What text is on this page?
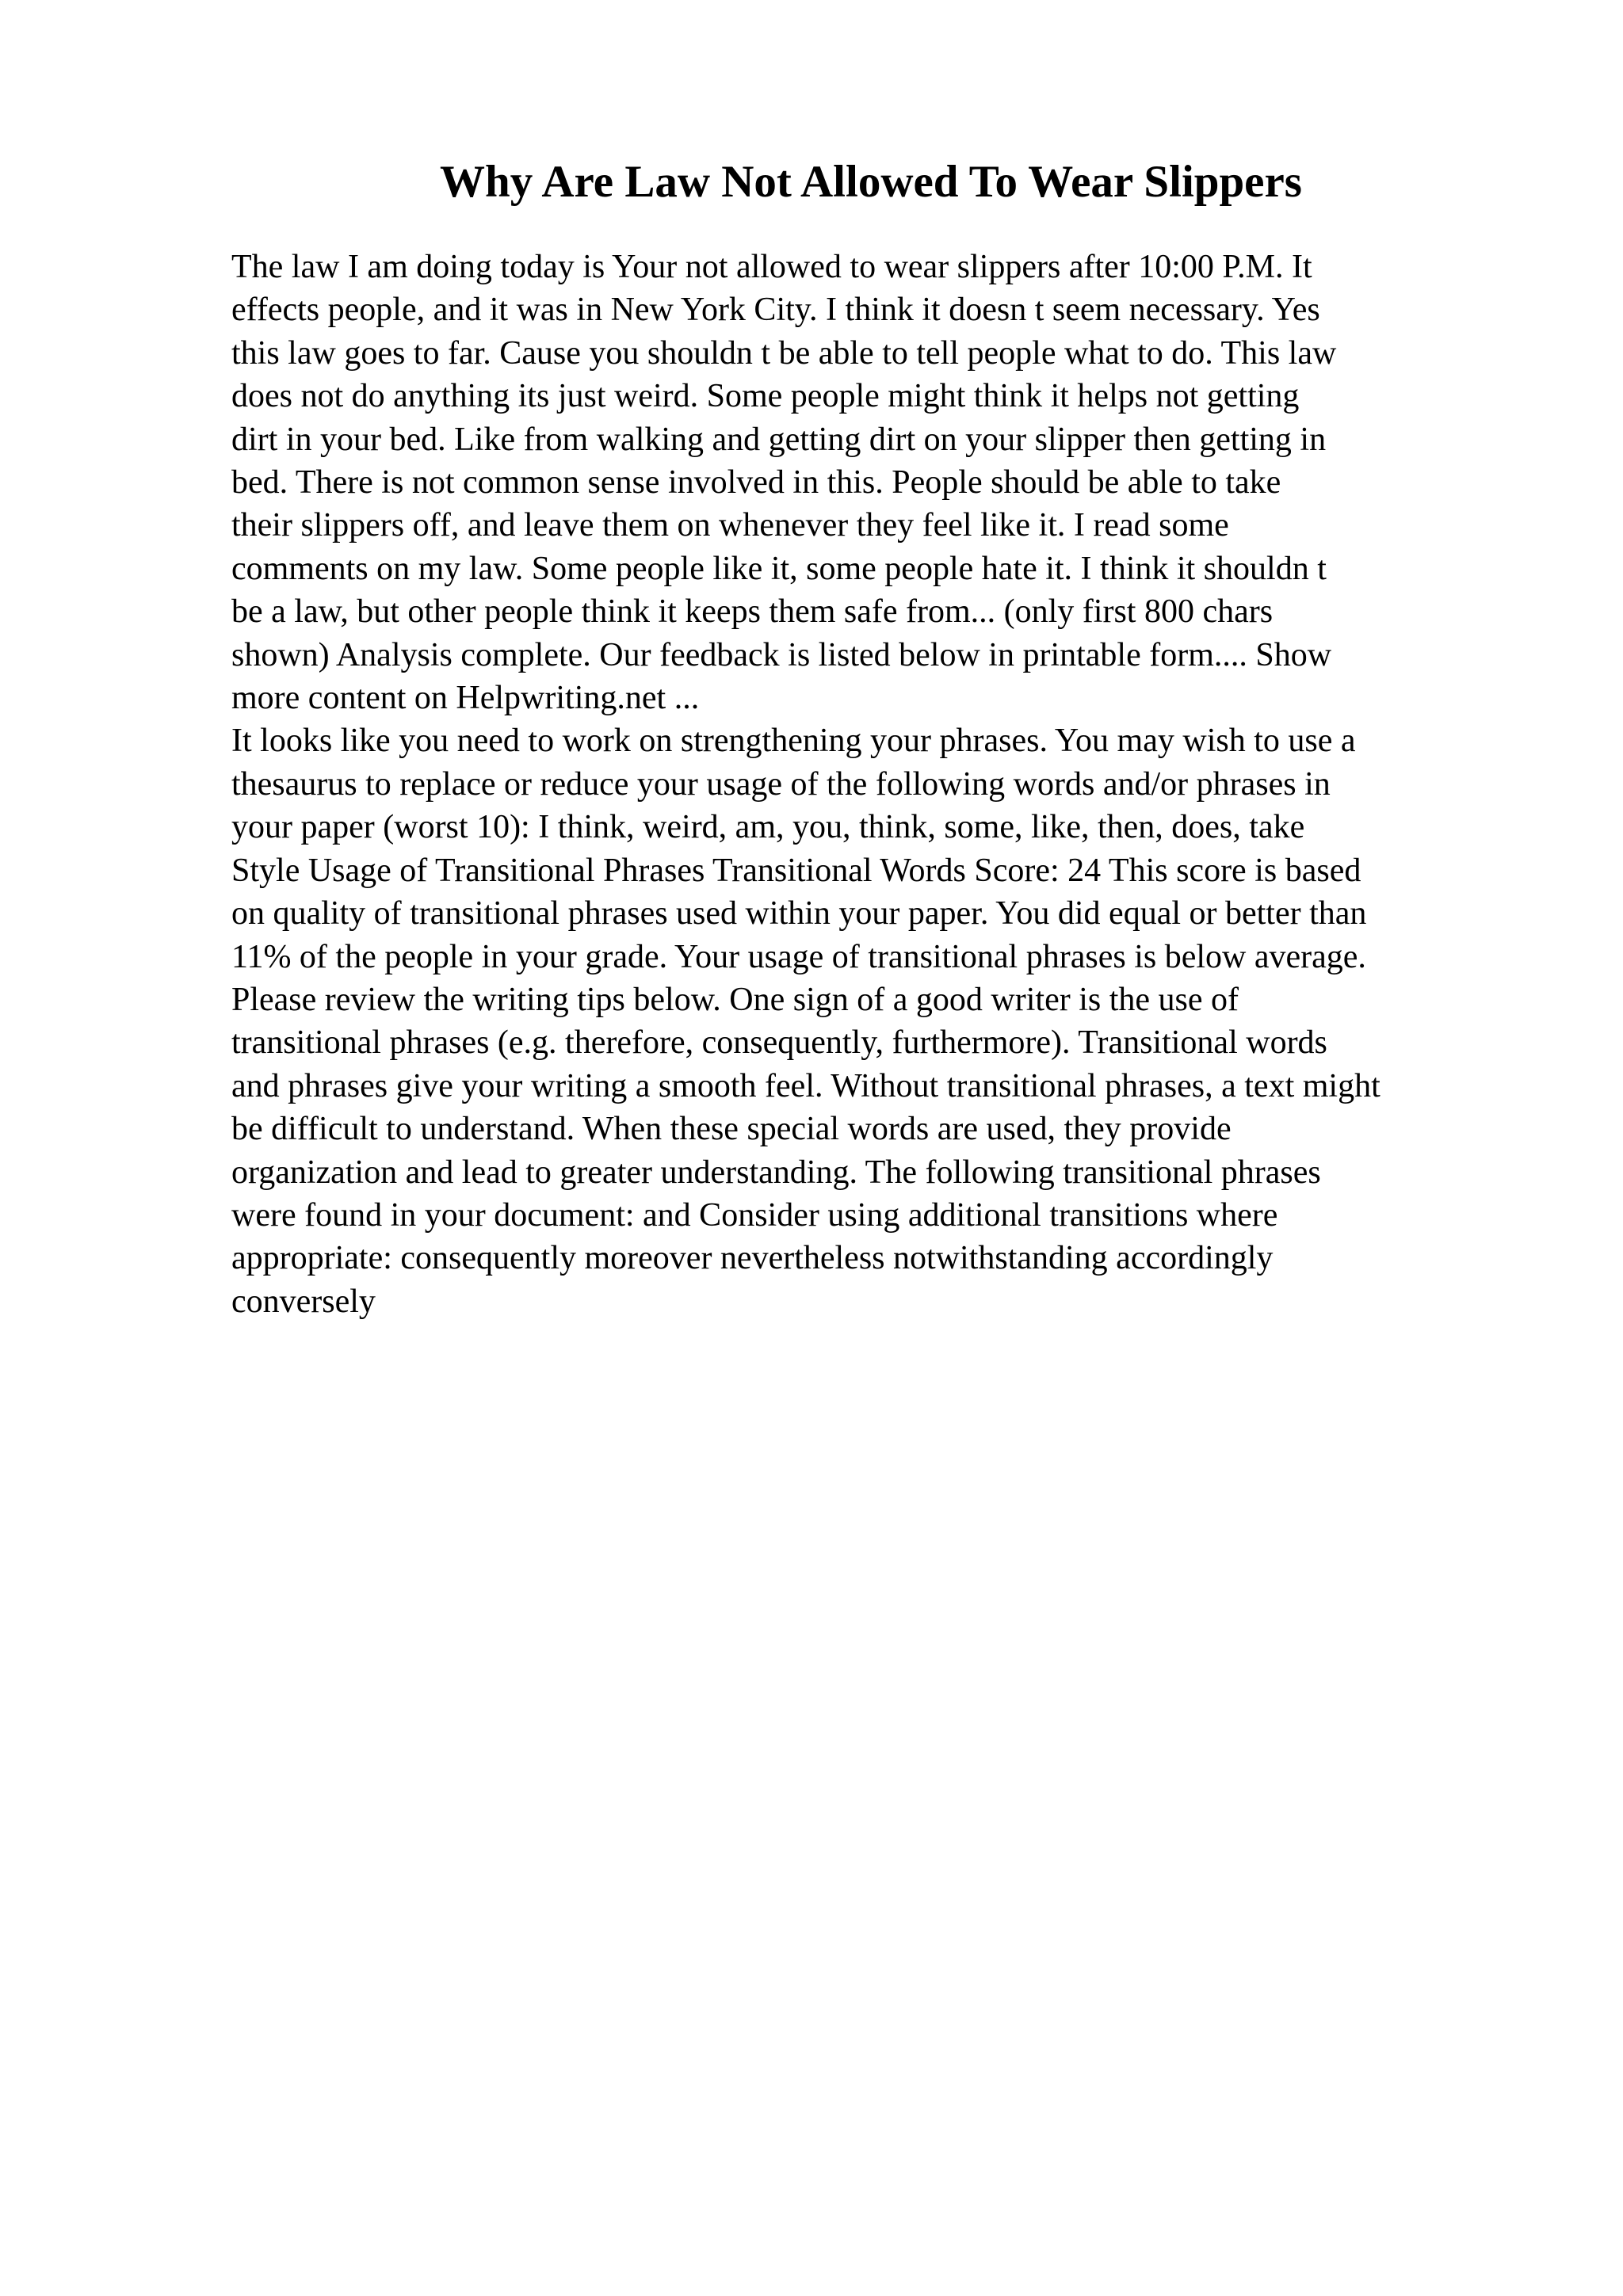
Why Are Law Not Allowed To Wear Slippers

The law I am doing today is Your not allowed to wear slippers after 10:00 P.M. It
effects people, and it was in New York City. I think it doesn t seem necessary. Yes
this law goes to far. Cause you shouldn t be able to tell people what to do. This law
does not do anything its just weird. Some people might think it helps not getting
dirt in your bed. Like from walking and getting dirt on your slipper then getting in
bed. There is not common sense involved in this. People should be able to take
their slippers off, and leave them on whenever they feel like it. I read some
comments on my law. Some people like it, some people hate it. I think it shouldn t
be a law, but other people think it keeps them safe from... (only first 800 chars
shown) Analysis complete. Our feedback is listed below in printable form.... Show
more content on Helpwriting.net ...

It looks like you need to work on strengthening your phrases. You may wish to use a
thesaurus to replace or reduce your usage of the following words and/or phrases in
your paper (worst 10): I think, weird, am, you, think, some, like, then, does, take
Style Usage of Transitional Phrases Transitional Words Score: 24 This score is based
on quality of transitional phrases used within your paper. You did equal or better than
11% of the people in your grade. Your usage of transitional phrases is below average.
Please review the writing tips below. One sign of a good writer is the use of
transitional phrases (e.g. therefore, consequently, furthermore). Transitional words
and phrases give your writing a smooth feel. Without transitional phrases, a text might
be difficult to understand. When these special words are used, they provide
organization and lead to greater understanding. The following transitional phrases
were found in your document: and Consider using additional transitions where
appropriate: consequently moreover nevertheless notwithstanding accordingly
conversely
